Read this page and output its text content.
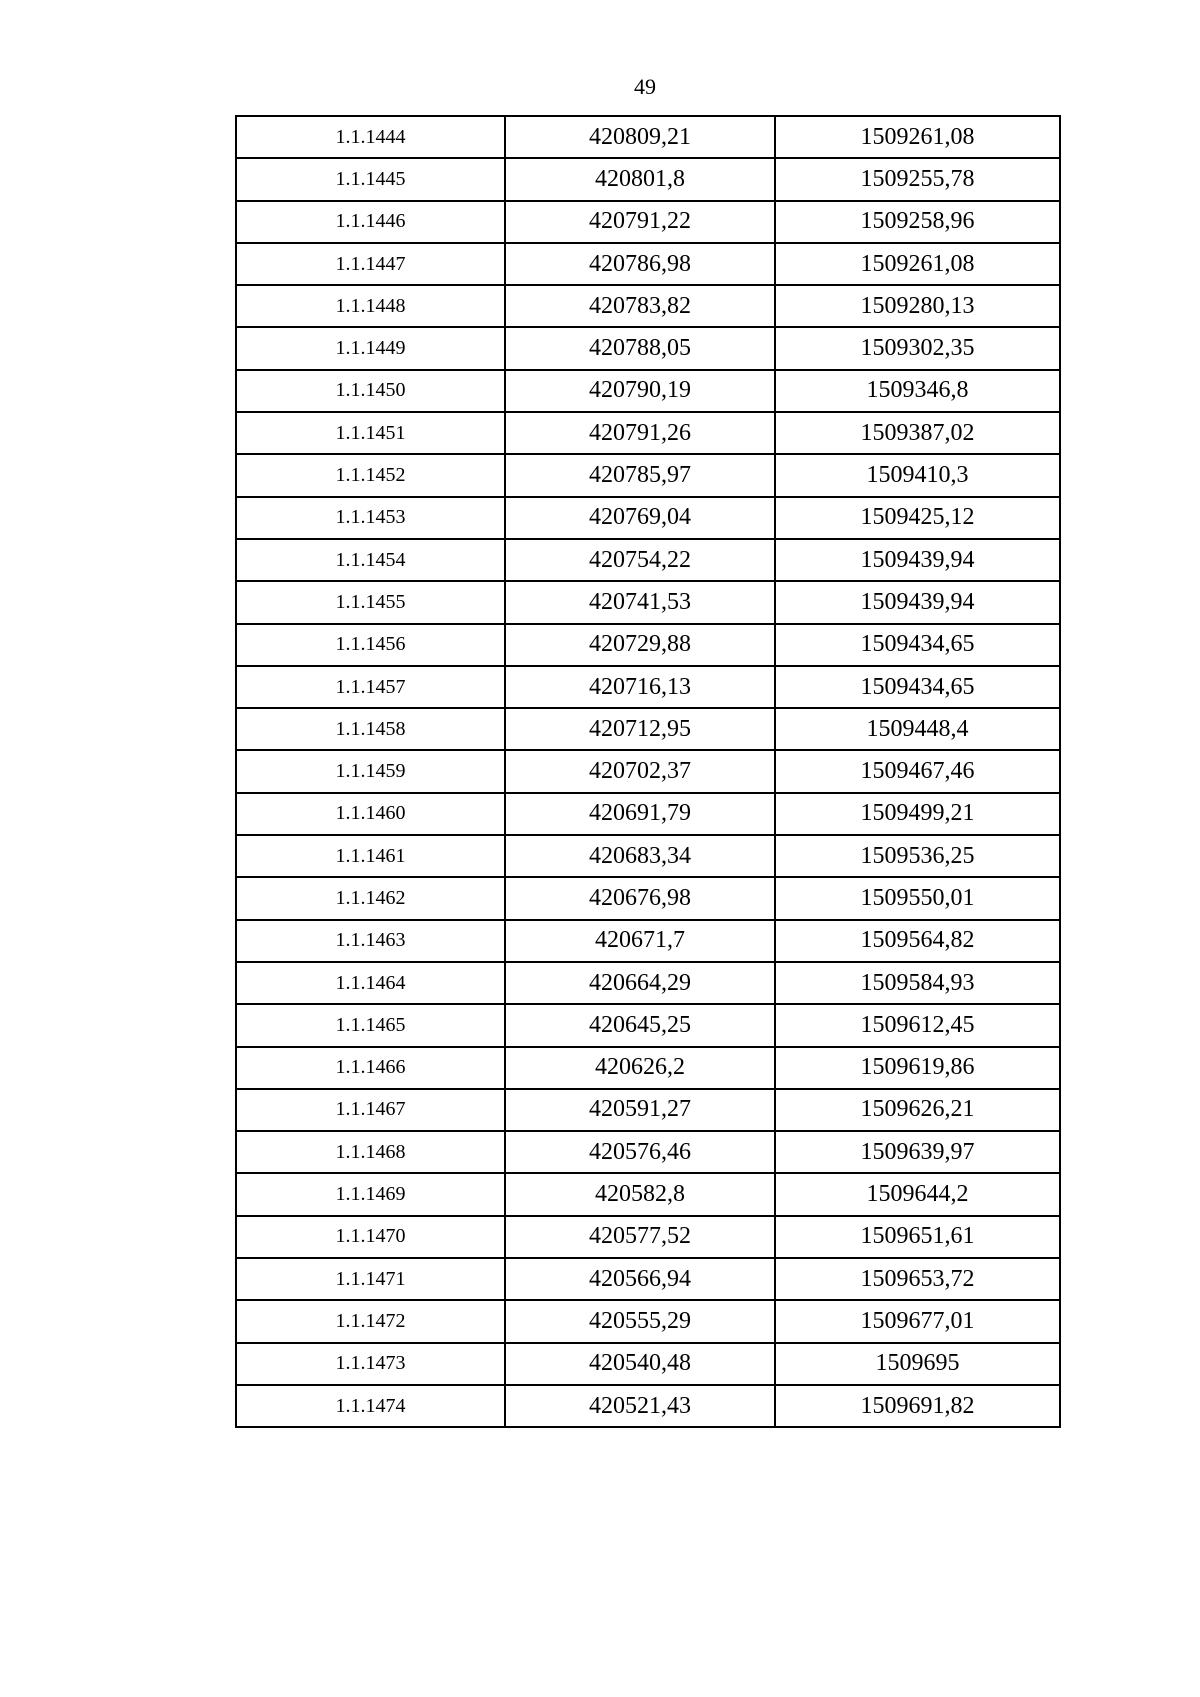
49
1.1.1444	420809,21	1509261,08
1.1.1445	420801,8	1509255,78
1.1.1446	420791,22	1509258,96
1.1.1447	420786,98	1509261,08
1.1.1448	420783,82	1509280,13
1.1.1449	420788,05	1509302,35
1.1.1450	420790,19	1509346,8
1.1.1451	420791,26	1509387,02
1.1.1452	420785,97	1509410,3
1.1.1453	420769,04	1509425,12
1.1.1454	420754,22	1509439,94
1.1.1455	420741,53	1509439,94
1.1.1456	420729,88	1509434,65
1.1.1457	420716,13	1509434,65
1.1.1458	420712,95	1509448,4
1.1.1459	420702,37	1509467,46
1.1.1460	420691,79	1509499,21
1.1.1461	420683,34	1509536,25
1.1.1462	420676,98	1509550,01
1.1.1463	420671,7	1509564,82
1.1.1464	420664,29	1509584,93
1.1.1465	420645,25	1509612,45
1.1.1466	420626,2	1509619,86
1.1.1467	420591,27	1509626,21
1.1.1468	420576,46	1509639,97
1.1.1469	420582,8	1509644,2
1.1.1470	420577,52	1509651,61
1.1.1471	420566,94	1509653,72
1.1.1472	420555,29	1509677,01
1.1.1473	420540,48	1509695
1.1.1474	420521,43	1509691,82
